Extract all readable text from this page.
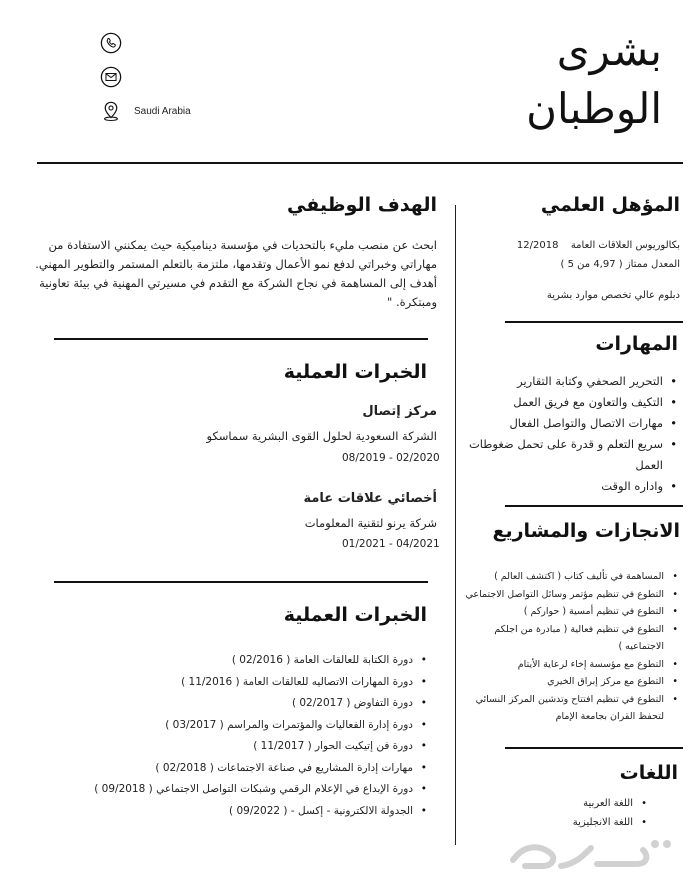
بشرى
الوطبان
Saudi Arabia
المؤهل العلمي
بكالوريوس العلاقات العامة  12/2018
المعدل ممتاز ( 4,97 من 5 )
دبلوم عالي تخصص موارد بشرية
المهارات
• التحرير الصحفي وكتابة التقارير
• التكيف والتعاون مع فريق العمل
• مهارات الاتصال والتواصل الفعال
• سريع التعلم و قدرة على تحمل ضغوطات العمل
• واداره الوقت
الانجازات والمشاريع
• المساهمة في تأليف كتاب ( اكتشف العالم )
• التطوع في تنظيم مؤتمر وسائل التواصل الاجتماعي
• التطوع في تنظيم أمسية ( حواركم )
• التطوع في تنظيم فعالية ( مبادرة من اجلكم الاجتماعيه )
• التطوع مع مؤسسة إخاء لرعاية الأيتام
• التطوع مع مركز إبراق الخيري
• التطوع في تنظيم افتتاح وتدشين المركز النسائي لتحفظ القران بجامعة الإمام
اللغات
• اللغة العربية
• اللغة الانجليزية
الهدف الوظيفي
ابحث عن منصب مليء بالتحديات في مؤسسة ديناميكية حيث يمكنني الاستفادة من مهاراتي وخبراتي لدفع نمو الأعمال وتقدمها، ملتزمة بالتعلم المستمر والتطوير المهني. أهدف إلى المساهمة في نجاح الشركة مع التقدم في مسيرتي المهنية في بيئة تعاونية ومبتكرة. "
الخبرات العملية
مركز إتصال
الشركة السعودية لحلول القوى البشرية سماسكو
08/2019 - 02/2020
أخصائي علاقات عامة
شركة يرنو لتقنية المعلومات
01/2021 - 04/2021
الخبرات العملية
• دورة الكتابة للعالقات العامة ( 02/2016 )
• دورة المهارات الاتصاليه للعالقات العامة ( 11/2016 )
• دورة التفاوض ( 02/2017 )
• دورة إدارة الفعاليات والمؤتمرات والمراسم ( 03/2017 )
• دورة فن إتيكيت الحوار ( 11/2017 )
• مهارات إدارة المشاريع في صناعة الاجتماعات ( 02/2018 )
• دورة الإبداع في الإعلام الرقمي وشبكات التواصل الاجتماعي ( 09/2018 )
• الجدولة الالكترونية - إكسل - ( 09/2022 )
